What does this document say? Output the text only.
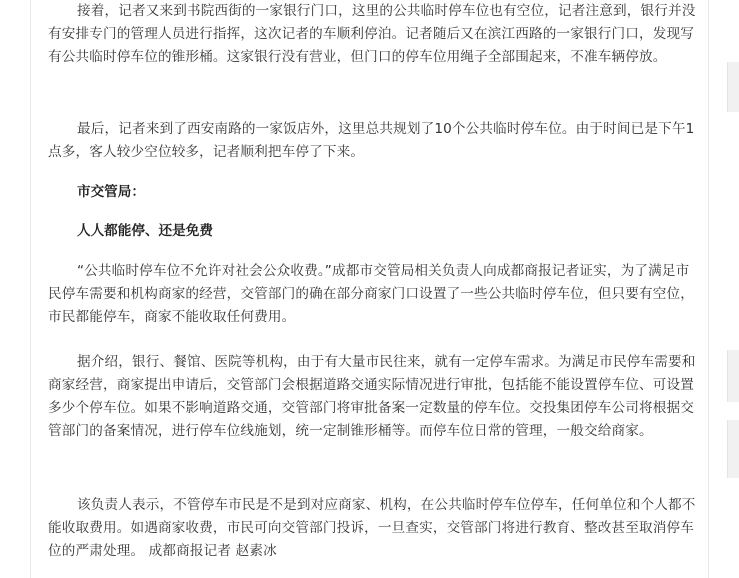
接着，记者又来到书院西街的一家银行门口，这里的公共临时停车位也有空位，记者注意到，银行并没有安排专门的管理人员进行指挥，这次记者的车顺利停泊。记者随后又在滨江西路的一家银行门口，发现写有公共临时停车位的锥形桶。这家银行没有营业，但门口的停车位用绳子全部围起来，不准车辆停放。

最后，记者来到了西安南路的一家饭店外，这里总共规划了10个公共临时停车位。由于时间已是下午1点多，客人较少空位较多，记者顺利把车停了下来。

市交管局：

人人都能停、还是免费

“公共临时停车位不允许对社会公众收费。”成都市交管局相关负责人向成都商报记者证实，为了满足市民停车需要和机构商家的经营，交管部门的确在部分商家门口设置了一些公共临时停车位，但只要有空位，市民都能停车，商家不能收取任何费用。

据介绍，银行、餐馆、医院等机构，由于有大量市民往来，就有一定停车需求。为满足市民停车需要和商家经营，商家提出申请后，交管部门会根据道路交通实际情况进行审批，包括能不能设置停车位、可设置多少个停车位。如果不影响道路交通，交管部门将审批备案一定数量的停车位。交投集团停车公司将根据交管部门的备案情况，进行停车位线施划，统一定制锥形桶等。而停车位日常的管理，一般交给商家。

该负责人表示，不管停车市民是不是到对应商家、机构，在公共临时停车位停车，任何单位和个人都不能收取费用。如遇商家收费，市民可向交管部门投诉，一旦查实，交管部门将进行教育、整改甚至取消停车位的严肃处理。 成都商报记者 赵素冰
